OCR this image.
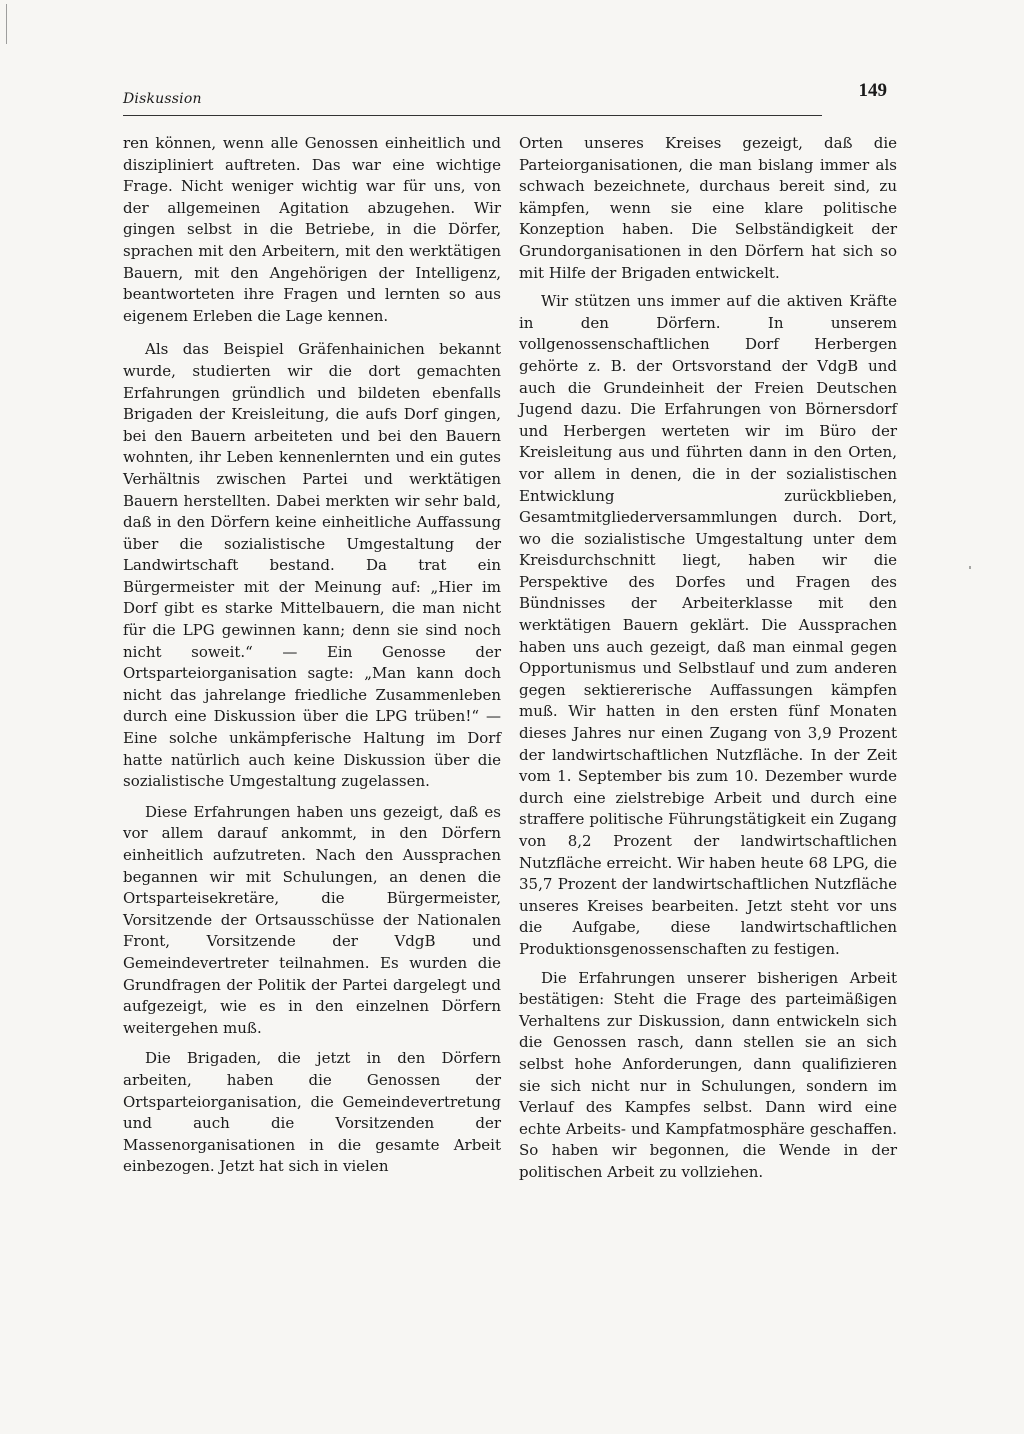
Diskussion	149

ren können, wenn alle Genossen einheitlich und diszipliniert auftreten. Das war eine wichtige Frage. Nicht weniger wichtig war für uns, von der allgemeinen Agitation abzugehen. Wir gingen selbst in die Betriebe, in die Dörfer, sprachen mit den Arbeitern, mit den werktätigen Bauern, mit den Angehörigen der Intelligenz, beantworteten ihre Fragen und lernten so aus eigenem Erleben die Lage kennen.

Als das Beispiel Gräfenhainichen bekannt wurde, studierten wir die dort gemachten Erfahrungen gründlich und bildeten ebenfalls Brigaden der Kreisleitung, die aufs Dorf gingen, bei den Bauern arbeiteten und bei den Bauern wohnten, ihr Leben kennenlernten und ein gutes Verhältnis zwischen Partei und werktätigen Bauern herstellten. Dabei merkten wir sehr bald, daß in den Dörfern keine einheitliche Auffassung über die sozialistische Umgestaltung der Landwirtschaft bestand. Da trat ein Bürgermeister mit der Meinung auf: „Hier im Dorf gibt es starke Mittelbauern, die man nicht für die LPG gewinnen kann; denn sie sind noch nicht soweit.“ — Ein Genosse der Ortsparteiorganisation sagte: „Man kann doch nicht das jahrelange friedliche Zusammenleben durch eine Diskussion über die LPG trüben!“ — Eine solche unkämpferische Haltung im Dorf hatte natürlich auch keine Diskussion über die sozialistische Umgestaltung zugelassen.

Diese Erfahrungen haben uns gezeigt, daß es vor allem darauf ankommt, in den Dörfern einheitlich aufzutreten. Nach den Aussprachen begannen wir mit Schulungen, an denen die Ortsparteisekretäre, die Bürgermeister, Vorsitzende der Ortsausschüsse der Nationalen Front, Vorsitzende der VdgB und Gemeindevertreter teilnahmen. Es wurden die Grundfragen der Politik der Partei dargelegt und aufgezeigt, wie es in den einzelnen Dörfern weitergehen muß.

Die Brigaden, die jetzt in den Dörfern arbeiten, haben die Genossen der Ortsparteiorganisation, die Gemeindevertretung und auch die Vorsitzenden der Massenorganisationen in die gesamte Arbeit einbezogen. Jetzt hat sich in vielen

Orten unseres Kreises gezeigt, daß die Parteiorganisationen, die man bislang immer als schwach bezeichnete, durchaus bereit sind, zu kämpfen, wenn sie eine klare politische Konzeption haben. Die Selbständigkeit der Grundorganisationen in den Dörfern hat sich so mit Hilfe der Brigaden entwickelt.

Wir stützen uns immer auf die aktiven Kräfte in den Dörfern. In unserem vollgenossenschaftlichen Dorf Herbergen gehörte z. B. der Ortsvorstand der VdgB und auch die Grundeinheit der Freien Deutschen Jugend dazu. Die Erfahrungen von Börnersdorf und Herbergen werteten wir im Büro der Kreisleitung aus und führten dann in den Orten, vor allem in denen, die in der sozialistischen Entwicklung zurückblieben, Gesamtmitgliederversammlungen durch. Dort, wo die sozialistische Umgestaltung unter dem Kreisdurchschnitt liegt, haben wir die Perspektive des Dorfes und Fragen des Bündnisses der Arbeiterklasse mit den werktätigen Bauern geklärt. Die Aussprachen haben uns auch gezeigt, daß man einmal gegen Opportunismus und Selbstlauf und zum anderen gegen sektiererische Auffassungen kämpfen muß. Wir hatten in den ersten fünf Monaten dieses Jahres nur einen Zugang von 3,9 Prozent der landwirtschaftlichen Nutzfläche. In der Zeit vom 1. September bis zum 10. Dezember wurde durch eine zielstrebige Arbeit und durch eine straffere politische Führungstätigkeit ein Zugang von 8,2 Prozent der landwirtschaftlichen Nutzfläche erreicht. Wir haben heute 68 LPG, die 35,7 Prozent der landwirtschaftlichen Nutzfläche unseres Kreises bearbeiten. Jetzt steht vor uns die Aufgabe, diese landwirtschaftlichen Produktionsgenossenschaften zu festigen.

Die Erfahrungen unserer bisherigen Arbeit bestätigen: Steht die Frage des parteimäßigen Verhaltens zur Diskussion, dann entwickeln sich die Genossen rasch, dann stellen sie an sich selbst hohe Anforderungen, dann qualifizieren sie sich nicht nur in Schulungen, sondern im Verlauf des Kampfes selbst. Dann wird eine echte Arbeits- und Kampfatmosphäre geschaffen. So haben wir begonnen, die Wende in der politischen Arbeit zu vollziehen.
